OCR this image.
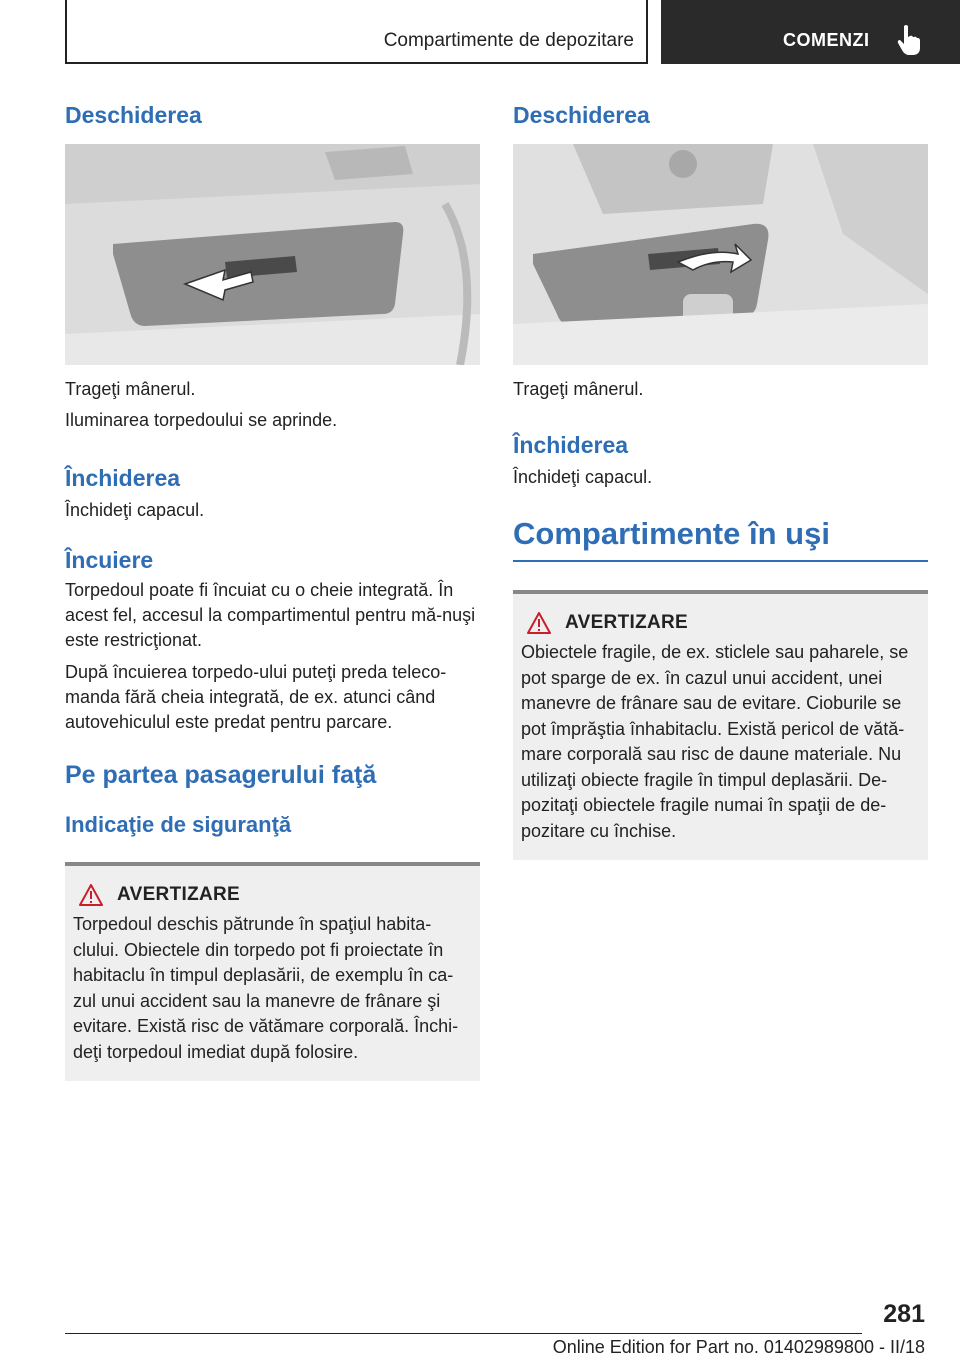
Compartimente de depozitare	COMENZI
Deschiderea

Trageţi mânerul.

Iluminarea torpedoului se aprinde.

Închiderea

Închideţi capacul.

Încuiere

Torpedoul poate fi încuiat cu o cheie integrată. În acest fel, accesul la compartimentul pentru mă‐nuşi este restricţionat.

După încuierea torpedo-ului puteţi preda teleco‐manda fără cheia integrată, de ex. atunci când autovehiculul este predat pentru parcare.

Pe partea pasagerului faţă
Indicaţie de siguranţă
AVERTIZARE
Torpedoul deschis pătrunde în spaţiul habita‐clului. Obiectele din torpedo pot fi proiectate în habitaclu în timpul deplasării, de exemplu în ca‐zul unui accident sau la manevre de frânare şi evitare. Există risc de vătămare corporală. Închi‐deţi torpedoul imediat după folosire.
Deschiderea

Trageţi mânerul.

Închiderea

Închideţi capacul.

Compartimente în uşi
AVERTIZARE
Obiectele fragile, de ex. sticlele sau paharele, se pot sparge de ex. în cazul unui accident, unei manevre de frânare sau de evitare. Cioburile se pot împrăştia înhabitaclu. Există pericol de vătă‐mare corporală sau risc de daune materiale. Nu utilizaţi obiecte fragile în timpul deplasării. De‐pozitaţi obiectele fragile numai în spaţii de de‐pozitare cu închise.
281
Online Edition for Part no. 01402989800 - II/18
